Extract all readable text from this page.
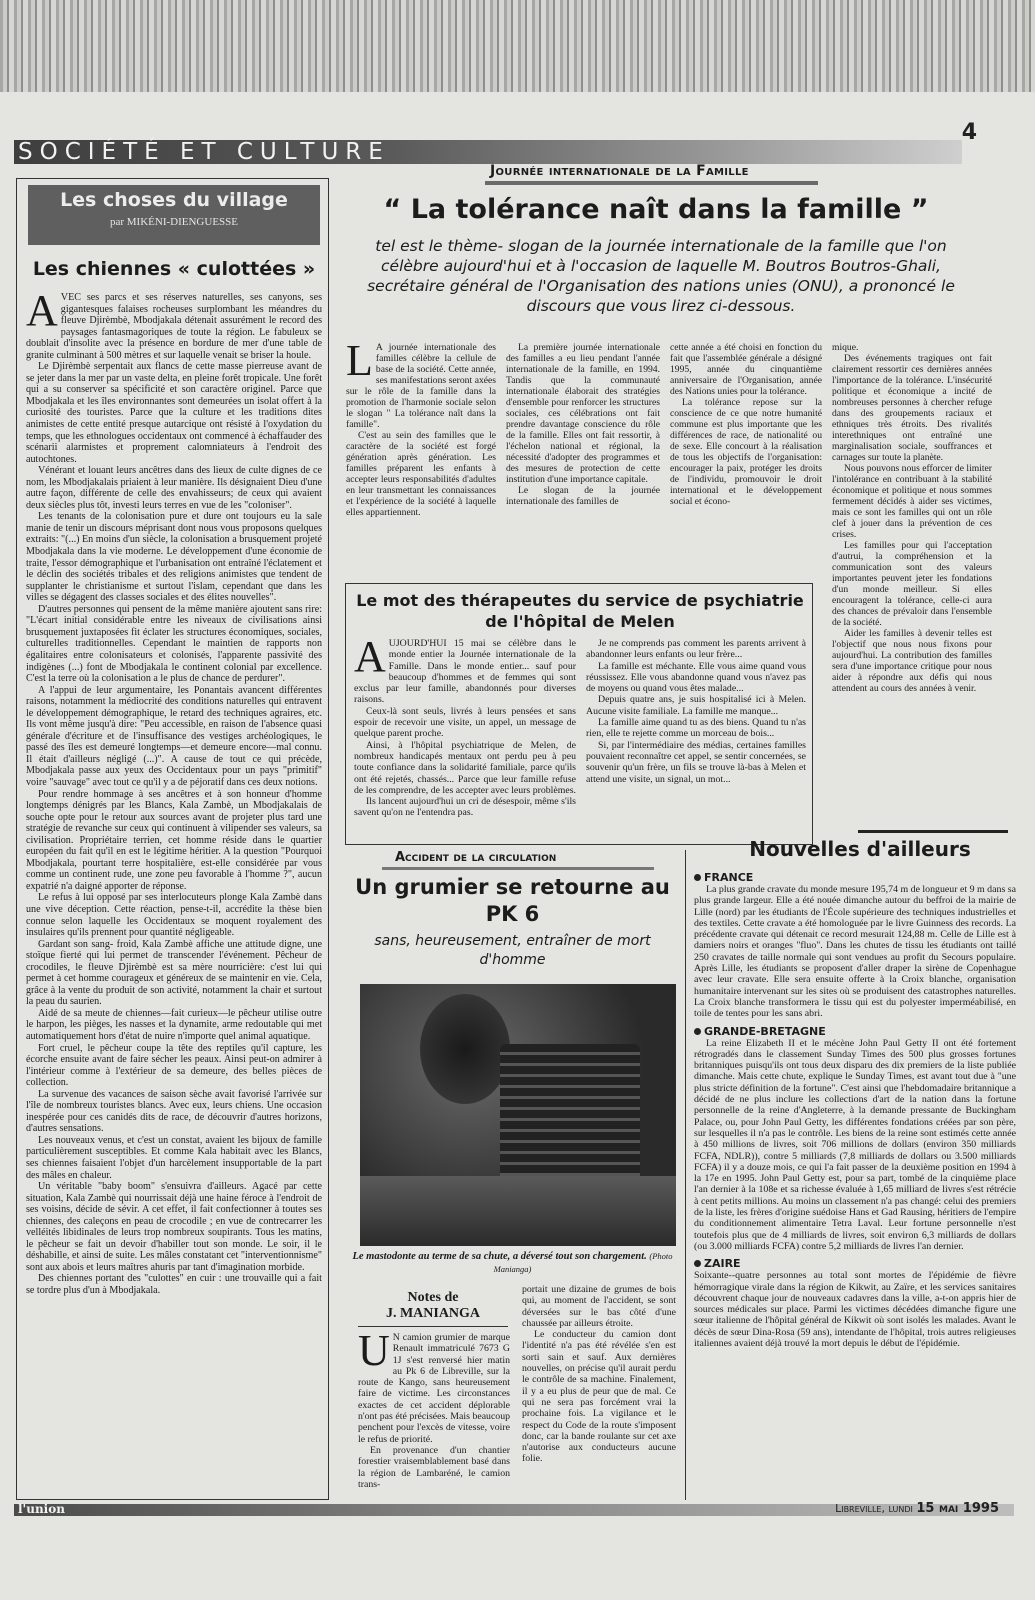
SOCIÉTÉ ET CULTURE
4
Les choses du village
par MIKÉNI-DIENGUESSE
Les chiennes « culottées »
A VEC ses parcs et ses réserves naturelles, ses canyons, ses gigantesques falaises rocheuses surplombant les méandres du fleuve Djirèmbè, Mbodjakala détenait assurément le record des paysages fantasmagoriques de toute la région. Le fabuleux se doublait d'insolite avec la présence en bordure de mer d'une table de granite culminant à 500 mètres et sur laquelle venait se briser la houle.

Le Djirèmbè serpentait aux flancs de cette masse pierreuse avant de se jeter dans la mer par un vaste delta, en pleine forêt tropicale. Une forêt qui a su conserver sa spécificité et son caractère originel. Parce que Mbodjakala et les îles environnantes sont demeurées un isolat offert à la curiosité des touristes. Parce que la culture et les traditions dites animistes de cette entité presque autarcique ont résisté à l'oxydation du temps, que les ethnologues occidentaux ont commencé à échaffauder des scénarii alarmistes et proprement calomniateurs à l'endroit des autochtones.

Vénérant et louant leurs ancêtres dans des lieux de culte dignes de ce nom, les Mbodjakalais priaient à leur manière. Ils désignaient Dieu d'une autre façon, différente de celle des envahisseurs; de ceux qui avaient deux siècles plus tôt, investi leurs terres en vue de les "coloniser".

Les tenants de la colonisation pure et dure ont toujours eu la sale manie de tenir un discours méprisant dont nous vous proposons quelques extraits: "(...) En moins d'un siècle, la colonisation a brusquement projeté Mbodjakala dans la vie moderne. Le développement d'une économie de traite, l'essor démographique et l'urbanisation ont entraîné l'éclatement et le déclin des sociétés tribales et des religions animistes que tendent de supplanter le christianisme et surtout l'islam, cependant que dans les villes se dégagent des classes sociales et des élites nouvelles".

D'autres personnes qui pensent de la même manière ajoutent sans rire: "L'écart initial considérable entre les niveaux de civilisations ainsi brusquement juxtaposées fit éclater les structures économiques, sociales, culturelles traditionnelles. Cependant le maintien de rapports non égalitaires entre colonisateurs et colonisés, l'apparente passivité des indigènes (...) font de Mbodjakala le continent colonial par excellence. C'est la terre où la colonisation a le plus de chance de perdurer".

A l'appui de leur argumentaire, les Ponantais avancent différentes raisons, notamment la médiocrité des conditions naturelles qui entravent le développement démographique, le retard des techniques agraires, etc. Ils vont même jusqu'à dire: "Peu accessible, en raison de l'absence quasi générale d'écriture et de l'insuffisance des vestiges archéologiques, le passé des îles est demeuré longtemps—et demeure encore—mal connu. Il était d'ailleurs négligé (...)". A cause de tout ce qui précède, Mbodjakala passe aux yeux des Occidentaux pour un pays "primitif" voire "sauvage" avec tout ce qu'il y a de péjoratif dans ces deux notions.

Pour rendre hommage à ses ancêtres et à son honneur d'homme longtemps dénigrés par les Blancs, Kala Zambè, un Mbodjakalais de souche opte pour le retour aux sources avant de projeter plus tard une stratégie de revanche sur ceux qui continuent à vilipender ses valeurs, sa civilisation. Propriétaire terrien, cet homme réside dans le quartier européen du fait qu'il en est le légitime héritier. A la question "Pourquoi Mbodjakala, pourtant terre hospitalière, est-elle considérée par vous comme un continent rude, une zone peu favorable à l'homme ?", aucun expatrié n'a daigné apporter de réponse.

Le refus à lui opposé par ses interlocuteurs plonge Kala Zambè dans une vive déception. Cette réaction, pense-t-il, accrédite la thèse bien connue selon laquelle les Occidentaux se moquent royalement des insulaires qu'ils prennent pour quantité négligeable.

Gardant son sang- froid, Kala Zambè affiche une attitude digne, une stoïque fierté qui lui permet de transcender l'événement. Pêcheur de crocodiles, le fleuve Djirèmbè est sa mère nourricière: c'est lui qui permet à cet homme courageux et généreux de se maintenir en vie. Cela, grâce à la vente du produit de son activité, notamment la chair et surtout la peau du saurien.

Aidé de sa meute de chiennes—fait curieux—le pêcheur utilise outre le harpon, les pièges, les nasses et la dynamite, arme redoutable qui met automatiquement hors d'état de nuire n'importe quel animal aquatique.

Fort cruel, le pêcheur coupe la tête des reptiles qu'il capture, les écorche ensuite avant de faire sécher les peaux. Ainsi peut-on admirer à l'intérieur comme à l'extérieur de sa demeure, des belles pièces de collection.

La survenue des vacances de saison sèche avait favorisé l'arrivée sur l'île de nombreux touristes blancs. Avec eux, leurs chiens. Une occasion inespérée pour ces canidés dits de race, de découvrir d'autres horizons, d'autres sensations.

Les nouveaux venus, et c'est un constat, avaient les bijoux de famille particulièrement susceptibles. Et comme Kala habitait avec les Blancs, ses chiennes faisaient l'objet d'un harcèlement insupportable de la part des mâles en chaleur.

Un véritable "baby boom" s'ensuivra d'ailleurs. Agacé par cette situation, Kala Zambè qui nourrissait déjà une haine féroce à l'endroit de ses voisins, décide de sévir. A cet effet, il fait confectionner à toutes ses chiennes, des caleçons en peau de crocodile ; en vue de contrecarrer les velléités libidinales de leurs trop nombreux soupirants. Tous les matins, le pêcheur se fait un devoir d'habiller tout son monde. Le soir, il le déshabille, et ainsi de suite. Les mâles constatant cet "interventionnisme" sont aux abois et leurs maîtres ahuris par tant d'imagination morbide.

Des chiennes portant des "culottes" en cuir : une trouvaille qui a fait se tordre plus d'un à Mbodjakala.

Journée internationale de la Famille
“ La tolérance naît dans la famille ”
tel est le thème- slogan de la journée internationale de la famille que l'on célèbre aujourd'hui et à l'occasion de laquelle M. Boutros Boutros-Ghali, secrétaire général de l'Organisation des nations unies (ONU), a prononcé le discours que vous lirez ci-dessous.
L A journée internationale des familles célèbre la cellule de base de la société. Cette année, ses manifestations seront axées sur le rôle de la famille dans la promotion de l'harmonie sociale selon le slogan " La tolérance naît dans la famille".

C'est au sein des familles que le caractère de la société est forgé génération après génération. Les familles préparent les enfants à accepter leurs responsabilités d'adultes en leur transmettant les connaissances et l'expérience de la société à laquelle elles appartiennent.

La première journée internationale des familles a eu lieu pendant l'année internationale de la famille, en 1994. Tandis que la communauté internationale élaborait des stratégies d'ensemble pour renforcer les structures sociales, ces célébrations ont fait prendre davantage conscience du rôle de la famille. Elles ont fait ressortir, à l'échelon national et régional, la nécessité d'adopter des programmes et des mesures de protection de cette institution d'une importance capitale.

Le slogan de la journée internationale des familles de

cette année a été choisi en fonction du fait que l'assemblée générale a désigné 1995, année du cinquantième anniversaire de l'Organisation, année des Nations unies pour la tolérance.

La tolérance repose sur la conscience de ce que notre humanité commune est plus importante que les différences de race, de nationalité ou de sexe. Elle concourt à la réalisation de tous les objectifs de l'organisation: encourager la paix, protéger les droits de l'individu, promouvoir le droit international et le développement social et écono-

mique.

Des événements tragiques ont fait clairement ressortir ces dernières années l'importance de la tolérance. L'insécurité politique et économique a incité de nombreuses personnes à chercher refuge dans des groupements raciaux et ethniques très étroits. Des rivalités interethniques ont entraîné une marginalisation sociale, souffrances et carnages sur toute la planète.

Nous pouvons nous efforcer de limiter l'intolérance en contribuant à la stabilité économique et politique et nous sommes fermement décidés à aider ses victimes, mais ce sont les familles qui ont un rôle clef à jouer dans la prévention de ces crises.

Les familles pour qui l'acceptation d'autrui, la compréhension et la communication sont des valeurs importantes peuvent jeter les fondations d'un monde meilleur. Si elles encouragent la tolérance, celle-ci aura des chances de prévaloir dans l'ensemble de la société.

Aider les familles à devenir telles est l'objectif que nous nous fixons pour aujourd'hui. La contribution des familles sera d'une importance critique pour nous aider à répondre aux défis qui nous attendent au cours des années à venir.

Le mot des thérapeutes du service de psychiatrie de l'hôpital de Melen
A UJOURD'HUI 15 mai se célèbre dans le monde entier la Journée internationale de la Famille. Dans le monde entier... sauf pour beaucoup d'hommes et de femmes qui sont exclus par leur famille, abandonnés pour diverses raisons.

Ceux-là sont seuls, livrés à leurs pensées et sans espoir de recevoir une visite, un appel, un message de quelque parent proche.

Ainsi, à l'hôpital psychiatrique de Melen, de nombreux handicapés mentaux ont perdu peu à peu toute confiance dans la solidarité familiale, parce qu'ils ont été rejetés, chassés... Parce que leur famille refuse de les comprendre, de les accepter avec leurs problèmes.

Ils lancent aujourd'hui un cri de désespoir, même s'ils savent qu'on ne l'entendra pas.

Je ne comprends pas comment les parents arrivent à abandonner leurs enfants ou leur frère...

La famille est méchante. Elle vous aime quand vous réussissez. Elle vous abandonne quand vous n'avez pas de moyens ou quand vous êtes malade...

Depuis quatre ans, je suis hospitalisé ici à Melen. Aucune visite familiale. La famille me manque...

La famille aime quand tu as des biens. Quand tu n'as rien, elle te rejette comme un morceau de bois...

Si, par l'intermédiaire des médias, certaines familles pouvaient reconnaître cet appel, se sentir concernées, se souvenir qu'un frère, un fils se trouve là-bas à Melen et attend une visite, un signal, un mot...

Accident de la circulation
Un grumier se retourne au PK 6
sans, heureusement, entraîner de mort d'homme
Le mastodonte au terme de sa chute, a déversé tout son chargement. (Photo Manianga)
Notes de
J. MANIANGA
U N camion grumier de marque Renault immatriculé 7673 G 1J s'est renversé hier matin au Pk 6 de Libreville, sur la route de Kango, sans heureusement faire de victime. Les circonstances exactes de cet accident déplorable n'ont pas été précisées. Mais beaucoup penchent pour l'excès de vitesse, voire le refus de priorité.

En provenance d'un chantier forestier vraisemblablement basé dans la région de Lambaréné, le camion trans-

portait une dizaine de grumes de bois qui, au moment de l'accident, se sont déversées sur le bas côté d'une chaussée par ailleurs étroite.

Le conducteur du camion dont l'identité n'a pas été révélée s'en est sorti sain et sauf. Aux dernières nouvelles, on précise qu'il aurait perdu le contrôle de sa machine. Finalement, il y a eu plus de peur que de mal. Ce qui ne sera pas forcément vrai la prochaine fois. La vigilance et le respect du Code de la route s'imposent donc, car la bande roulante sur cet axe n'autorise aux conducteurs aucune folie.

Nouvelles d'ailleurs

FRANCE

La plus grande cravate du monde mesure 195,74 m de longueur et 9 m dans sa plus grande largeur. Elle a été nouée dimanche autour du beffroi de la mairie de Lille (nord) par les étudiants de l'École supérieure des techniques industrielles et des textiles. Cette cravate a été homologuée par le livre Guinness des records. La précédente cravate qui détenait ce record mesurait 124,88 m. Celle de Lille est à damiers noirs et oranges "fluo". Dans les chutes de tissu les étudiants ont taillé 250 cravates de taille normale qui sont vendues au profit du Secours populaire. Après Lille, les étudiants se proposent d'aller draper la sirène de Copenhague avec leur cravate. Elle sera ensuite offerte à la Croix blanche, organisation humanitaire intervenant sur les sites où se produisent des catastrophes naturelles. La Croix blanche transformera le tissu qui est du polyester imperméabilisé, en toile de tentes pour les sans abri.

GRANDE-BRETAGNE

La reine Elizabeth II et le mécène John Paul Getty II ont été fortement rétrogradés dans le classement Sunday Times des 500 plus grosses fortunes britanniques puisqu'ils ont tous deux disparu des dix premiers de la liste publiée dimanche. Mais cette chute, explique le Sunday Times, est avant tout due à "une plus stricte définition de la fortune". C'est ainsi que l'hebdomadaire britannique a décidé de ne plus inclure les collections d'art de la nation dans la fortune personnelle de la reine d'Angleterre, à la demande pressante de Buckingham Palace, ou, pour John Paul Getty, les différentes fondations créées par son père, sur lesquelles il n'a pas le contrôle. Les biens de la reine sont estimés cette année à 450 millions de livres, soit 706 millions de dollars (environ 350 milliards FCFA, NDLR)), contre 5 milliards (7,8 milliards de dollars ou 3.500 milliards FCFA) il y a douze mois, ce qui l'a fait passer de la deuxième position en 1994 à la 17e en 1995. John Paul Getty est, pour sa part, tombé de la cinquième place l'an dernier à la 108e et sa richesse évaluée à 1,65 milliard de livres s'est rétrécie à cent petits millions. Au moins un classement n'a pas changé: celui des premiers de la liste, les frères d'origine suédoise Hans et Gad Rausing, héritiers de l'empire du conditionnement alimentaire Tetra Laval. Leur fortune personnelle n'est toutefois plus que de 4 milliards de livres, soit environ 6,3 milliards de dollars (ou 3.000 milliards FCFA) contre 5,2 milliards de livres l'an dernier.

ZAIRE

Soixante--quatre personnes au total sont mortes de l'épidémie de fièvre hémorragique virale dans la région de Kikwit, au Zaïre, et les services sanitaires découvrent chaque jour de nouveaux cadavres dans la ville, a-t-on appris hier de sources médicales sur place. Parmi les victimes décédées dimanche figure une sœur italienne de l'hôpital général de Kikwit où sont isolés les malades. Avant le décès de sœur Dina-Rosa (59 ans), intendante de l'hôpital, trois autres religieuses italiennes avaient déjà trouvé la mort depuis le début de l'épidémie.

l'union	Libreville, lundi 15 mai 1995
